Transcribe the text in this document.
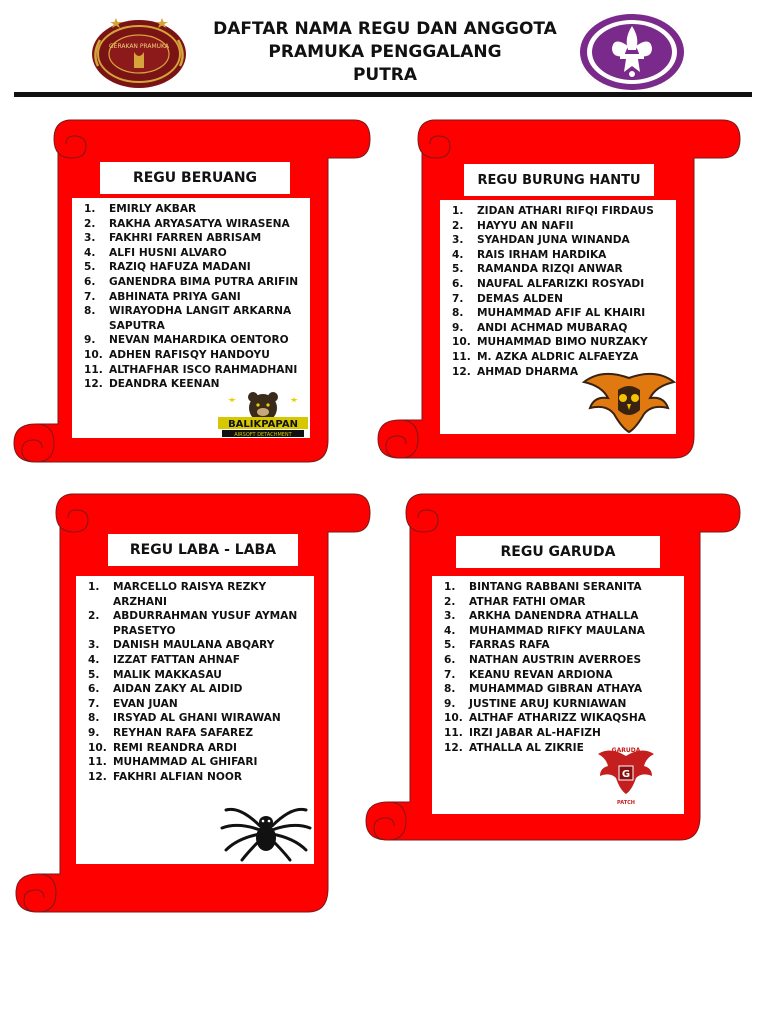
GERAKAN PRAMUKA
DAFTAR NAMA REGU DAN ANGGOTA
PRAMUKA PENGGALANG
PUTRA
REGU BERUANG
1.	EMIRLY AKBAR
2.	RAKHA ARYASATYA WIRASENA
3.	FAKHRI FARREN ABRISAM
4.	ALFI HUSNI ALVARO
5.	RAZIQ HAFUZA MADANI
6.	GANENDRA BIMA PUTRA ARIFIN
7.	ABHINATA PRIYA GANI
8.	WIRAYODHA LANGIT ARKARNA SAPUTRA
9.	NEVAN MAHARDIKA OENTORO
10. ADHEN RAFISQY HANDOYU
11. ALTHAFHAR ISCO RAHMADHANI
12. DEANDRA KEENAN
BALIKPAPAN
AIRSOFT DETACHMENT
REGU BURUNG HANTU
1.	ZIDAN ATHARI RIFQI FIRDAUS
2.	HAYYU AN NAFII
3.	SYAHDAN JUNA WINANDA
4.	RAIS IRHAM HARDIKA
5.	RAMANDA RIZQI ANWAR
6.	NAUFAL ALFARIZKI ROSYADI
7.	DEMAS ALDEN
8.	MUHAMMAD AFIF AL KHAIRI
9.	ANDI ACHMAD MUBARAQ
10. MUHAMMAD BIMO NURZAKY
11. M. AZKA ALDRIC ALFAEYZA
12. AHMAD DHARMA
REGU LABA - LABA
1.	MARCELLO RAISYA REZKY ARZHANI
2.	ABDURRAHMAN YUSUF AYMAN PRASETYO
3.	DANISH MAULANA ABQARY
4.	IZZAT FATTAN AHNAF
5.	MALIK MAKKASAU
6.	AIDAN ZAKY AL AIDID
7.	EVAN JUAN
8.	IRSYAD AL GHANI WIRAWAN
9.	REYHAN RAFA SAFAREZ
10. REMI REANDRA ARDI
11. MUHAMMAD AL GHIFARI
12. FAKHRI ALFIAN NOOR
REGU GARUDA
1.	BINTANG RABBANI SERANITA
2.	ATHAR FATHI OMAR
3.	ARKHA DANENDRA ATHALLA
4.	MUHAMMAD RIFKY MAULANA
5.	FARRAS RAFA
6.	NATHAN AUSTRIN AVERROES
7.	KEANU REVAN ARDIONA
8.	MUHAMMAD GIBRAN ATHAYA
9.	JUSTINE ARUJ KURNIAWAN
10. ALTHAF ATHARIZZ WIKAQSHA
11. IRZI JABAR AL-HAFIZH
12. ATHALLA AL ZIKRIE	GARUDA
G
PATCH
